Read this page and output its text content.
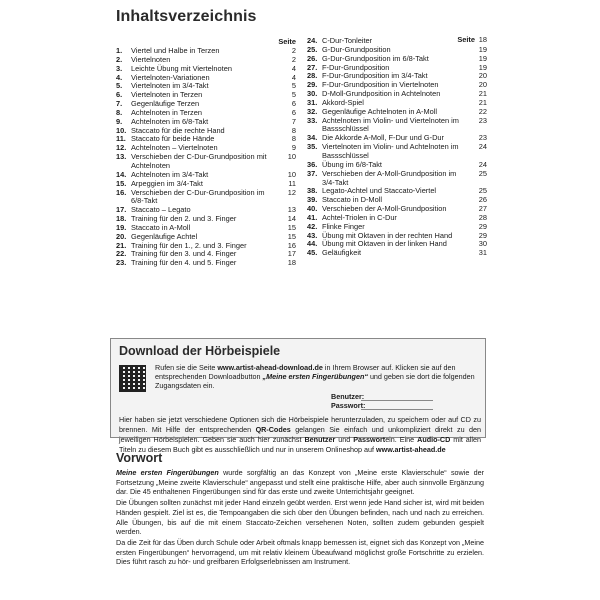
Inhaltsverzeichnis
Seite
1.	Viertel und Halbe in Terzen	2
2.	Viertelnoten	2
3.	Leichte Übung mit Viertelnoten	4
4.	Viertelnoten-Variationen	4
5.	Viertelnoten im 3/4-Takt	5
6.	Viertelnoten in Terzen	5
7.	Gegenläufige Terzen	6
8.	Achtelnoten in Terzen	6
9.	Achtelnoten im 6/8-Takt	7
10. Staccato für die rechte Hand	8
11. Staccato für beide Hände	8
12. Achtelnoten – Viertelnoten	9
13. Verschieben der C-Dur-Grundposition mit Achtelnoten
10
14. Achtelnoten im 3/4-Takt	10
15. Arpeggien im 3/4-Takt	11
16. Verschieben der C-Dur-Grundposition im 6/8-Takt
12
17. Staccato – Legato	13
18. Training für den 2. und 3. Finger	14
19. Staccato in A-Moll	15
20. Gegenläufige Achtel	15
21. Training für den 1., 2. und 3. Finger	16
22. Training für den 3. und 4. Finger	17
23. Training für den 4. und 5. Finger	18
24. C-Dur-Tonleiter	Seite 18
25. G-Dur-Grundposition	19
26. G-Dur-Grundposition im 6/8-Takt	19
27. F-Dur-Grundposition	19
28. F-Dur-Grundposition im 3/4-Takt	20
29. F-Dur-Grundposition in Viertelnoten	20
30. D-Moll-Grundposition in Achtelnoten	21
31. Akkord-Spiel	21
32. Gegenläufige Achtelnoten in A-Moll	22
33. Achtelnoten im Violin- und Viertelnoten im Bassschlüssel
23
34. Die Akkorde A-Moll, F-Dur und G-Dur	23
35. Viertelnoten im Violin- und Achtelnoten im Bassschlüssel
24
36. Übung im 6/8-Takt	24
37. Verschieben der A-Moll-Grundposition im 3/4-Takt
25
38. Legato-Achtel und Staccato-Viertel	25
39. Staccato in D-Moll	26
40. Verschieben der A-Moll-Grundposition	27
41. Achtel-Triolen in C-Dur	28
42. Flinke Finger	29
43. Übung mit Oktaven in der rechten Hand	29
44. Übung mit Oktaven in der linken Hand	30
45. Geläufigkeit	31
Download der Hörbeispiele
Rufen sie die Seite www.artist-ahead-download.de in Ihrem Browser auf. Klicken sie auf den entsprechenden Downloadbutton „Meine ersten Fingerübungen“ und geben sie dort die folgenden Zugangsdaten ein.
Benutzer:
Passwort:
Hier haben sie jetzt verschiedene Optionen sich die Hörbeispiele herunterzuladen, zu speichern oder auf CD zu brennen. Mit Hilfe der entsprechenden QR-Codes gelangen Sie einfach und unkompliziert direkt zu den jeweiligen Hörbeispielen. Geben sie auch hier zunächst Benutzer und Passwortein. Eine Audio-CD mit allen Titeln zu diesem Buch gibt es ausschließlich und nur in unserem Onlineshop auf www.artist-ahead.de
Vorwort

Meine ersten Fingerübungen wurde sorgfältig an das Konzept von „Meine erste Klavierschule“ sowie der Fortsetzung „Meine zweite Klavierschule“ angepasst und stellt eine praktische Hilfe, aber auch sinnvolle Ergänzung dar. Die 45 enthaltenen Fingerübungen sind für das erste und zweite Unterrichtsjahr geeignet.

Die Übungen sollten zunächst mit jeder Hand einzeln geübt werden. Erst wenn jede Hand sicher ist, wird mit beiden Händen gespielt. Ziel ist es, die Tempoangaben die sich über den Übungen befinden, nach und nach zu erreichen. Alle Übungen, bis auf die mit einem Staccato-Zeichen versehenen Noten, sollten zudem gebunden gespielt werden.

Da die Zeit für das Üben durch Schule oder Arbeit oftmals knapp bemessen ist, eignet sich das Konzept von „Meine ersten Fingerübungen“ hervorragend, um mit relativ kleinem Übeaufwand möglichst große Fortschritte zu erzielen. Dies führt rasch zu hör- und greifbaren Erfolgserlebnissen am Instrument.
